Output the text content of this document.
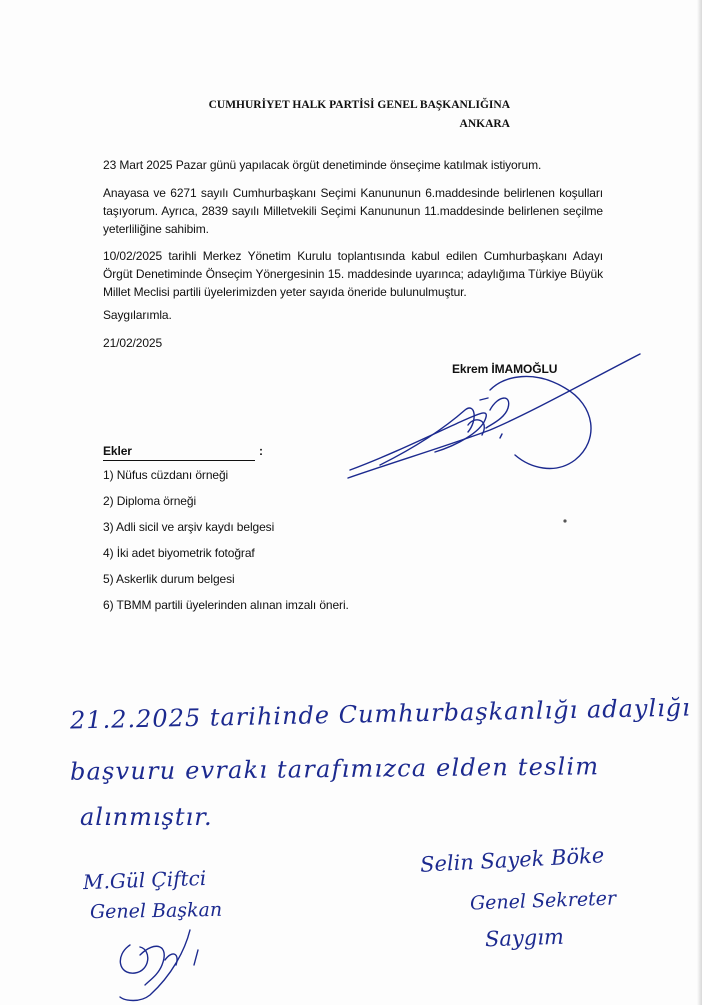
CUMHURİYET HALK PARTİSİ GENEL BAŞKANLIĞINA
ANKARA
23 Mart 2025 Pazar günü yapılacak örgüt denetiminde önseçime katılmak istiyorum.
Anayasa ve 6271 sayılı Cumhurbaşkanı Seçimi Kanununun 6.maddesinde belirlenen koşulları taşıyorum. Ayrıca, 2839 sayılı Milletvekili Seçimi Kanununun 11.maddesinde belirlenen seçilme yeterliliğine sahibim.
10/02/2025 tarihli Merkez Yönetim Kurulu toplantısında kabul edilen Cumhurbaşkanı Adayı Örgüt Denetiminde Önseçim Yönergesinin 15. maddesinde uyarınca; adaylığıma Türkiye Büyük Millet Meclisi partili üyelerimizden yeter sayıda öneride bulunulmuştur.
Saygılarımla.
21/02/2025
Ekrem İMAMOĞLU
Ekler	:
1) Nüfus cüzdanı örneği
2) Diploma örneği
3) Adli sicil ve arşiv kaydı belgesi
4) İki adet biyometrik fotoğraf
5) Askerlik durum belgesi
6) TBMM partili üyelerinden alınan imzalı öneri.
21.2.2025 tarihinde Cumhurbaşkanlığı adaylığı
başvuru evrakı tarafımızca elden teslim
alınmıştır.
M.Gül Çiftci
Genel Başkan
Selin Sayek Böke
Genel Sekreter
Saygım
